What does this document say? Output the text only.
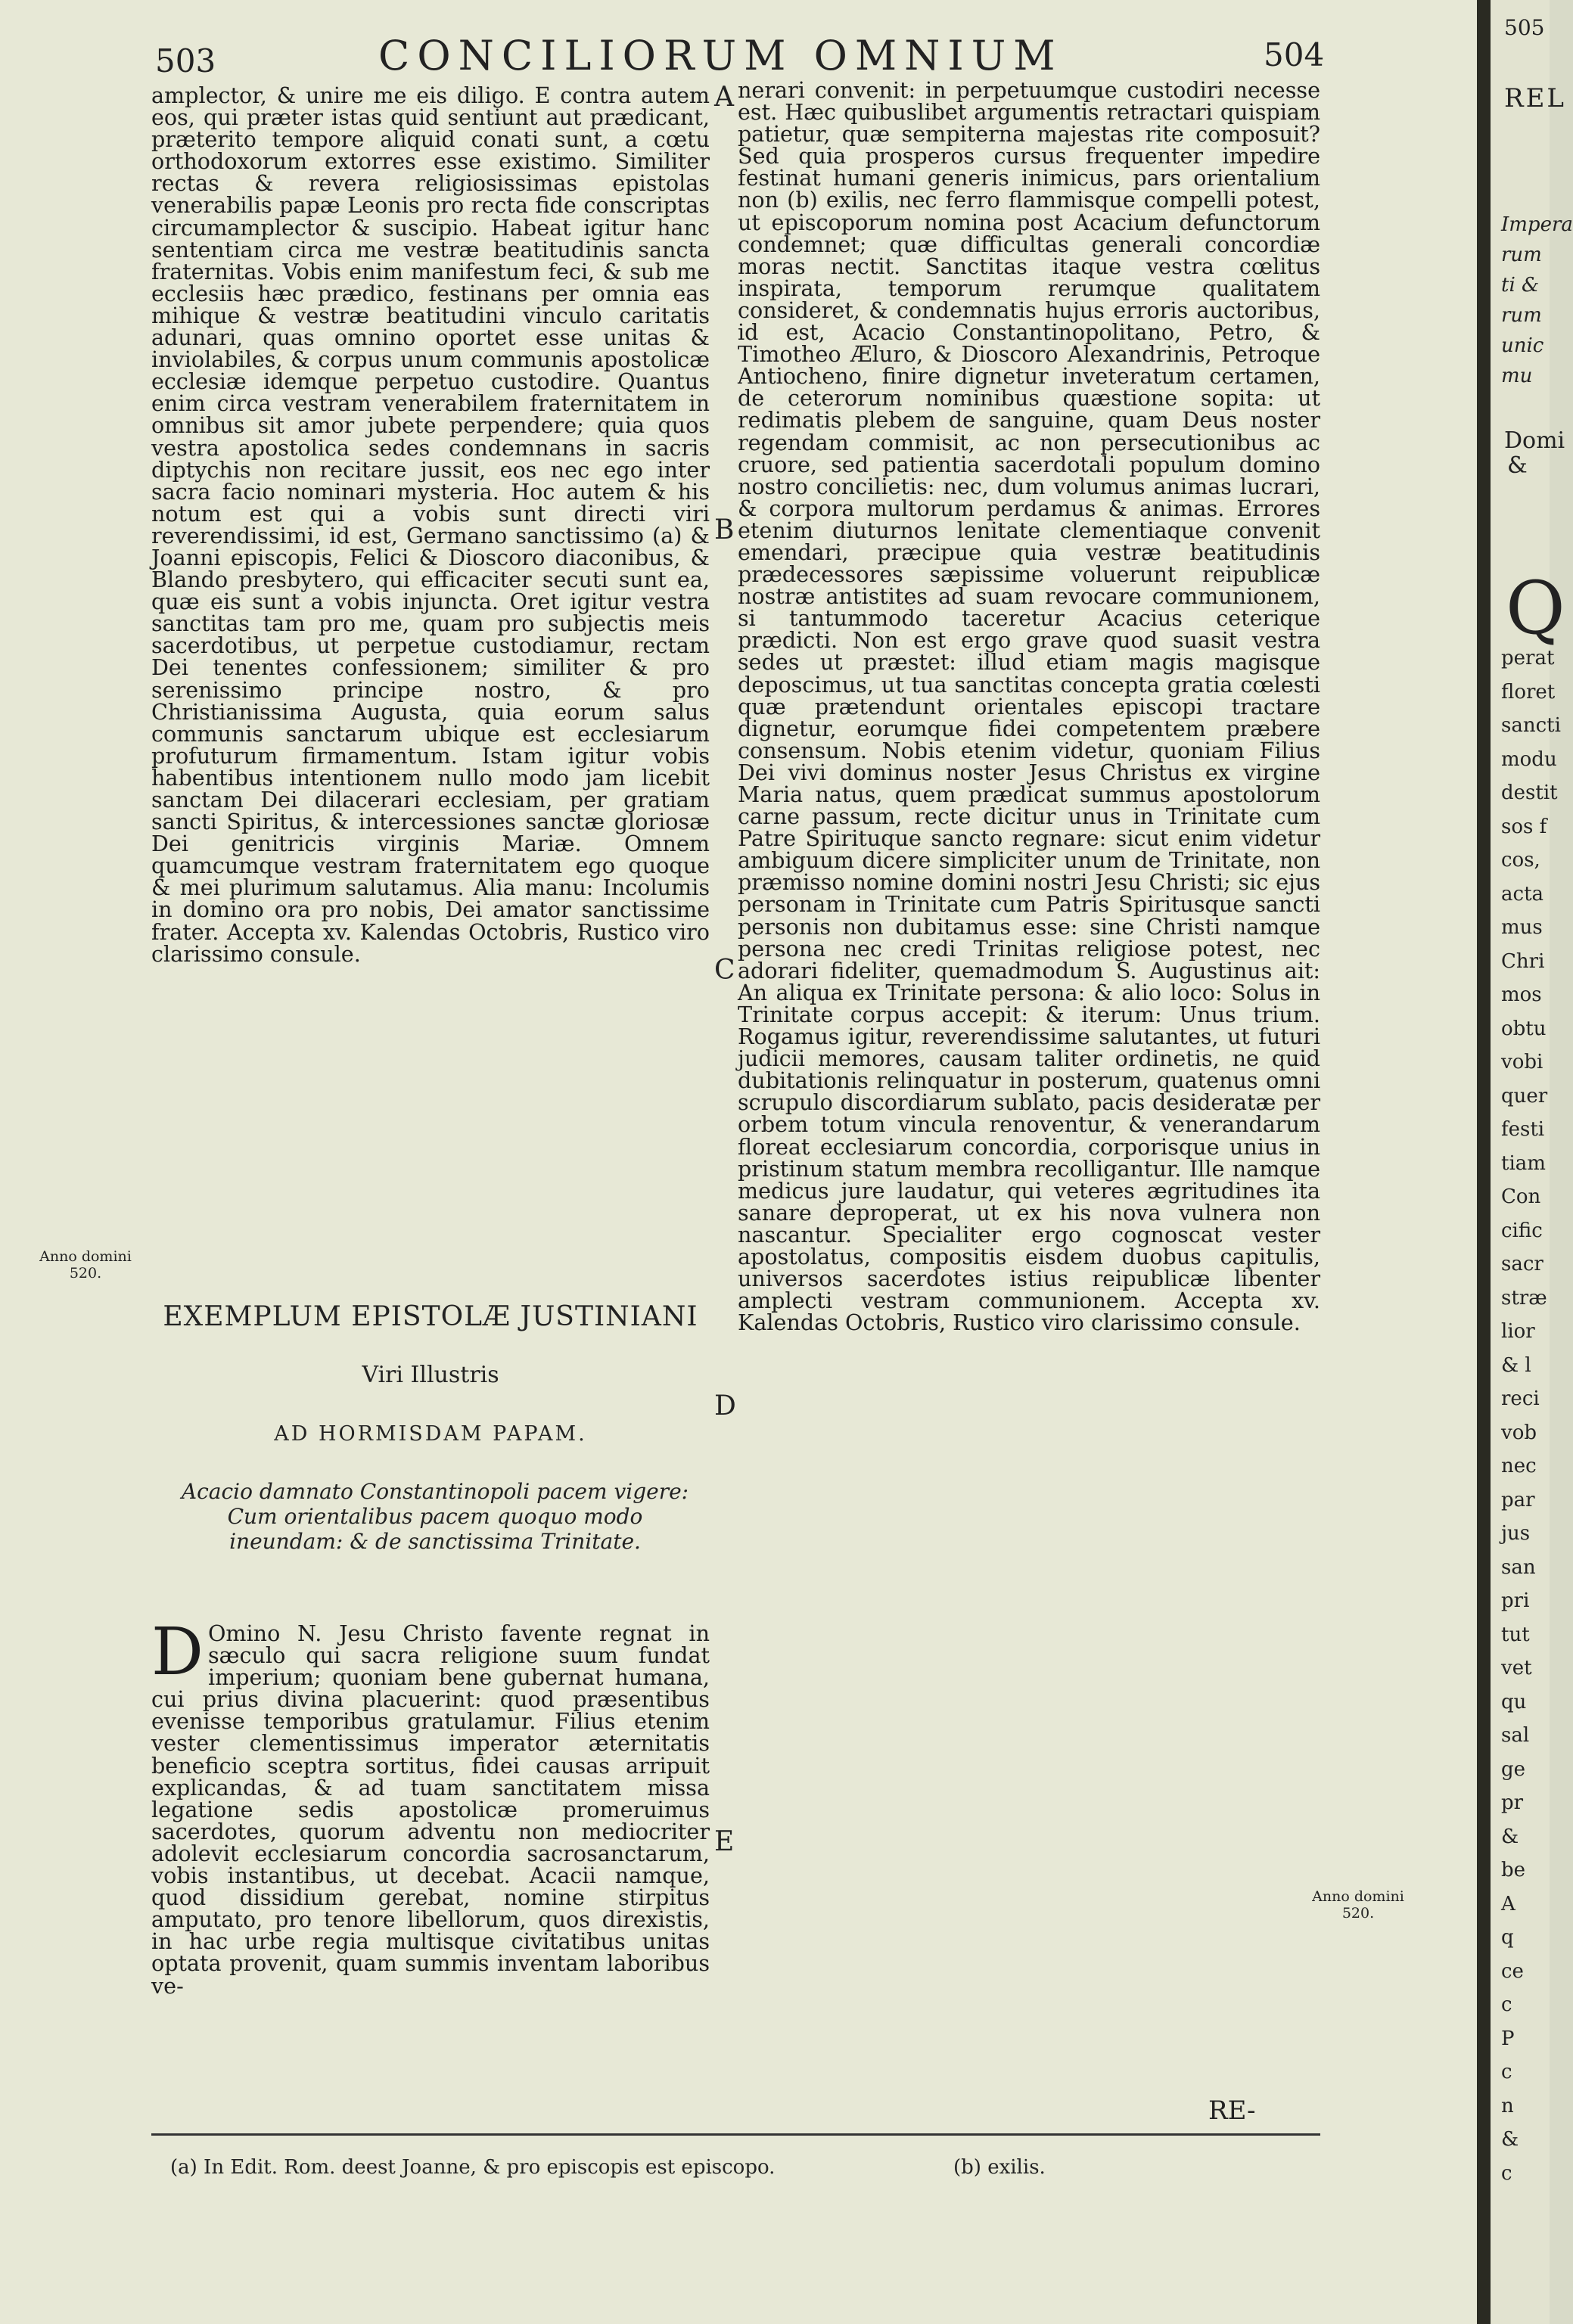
503	CONCILIORUM OMNIUM	504
amplector, & unire me eis diligo. E contra autem eos, qui præter istas quid sentiunt aut prædicant, præterito tempore aliquid conati sunt, a cœtu orthodoxorum extorres esse existimo. Similiter rectas & revera religiosissimas epistolas venerabilis papæ Leonis pro recta fide conscriptas circumamplector & suscipio. Habeat igitur hanc sententiam circa me vestræ beatitudinis sancta fraternitas. Vobis enim manifestum feci, & sub me ecclesiis hæc prædico, festinans per omnia eas mihique & vestræ beatitudini vinculo caritatis adunari, quas omnino oportet esse unitas & inviolabiles, & corpus unum communis apostolicæ ecclesiæ idemque perpetuo custodire. Quantus enim circa vestram venerabilem fraternitatem in omnibus sit amor jubete perpendere; quia quos vestra apostolica sedes condemnans in sacris diptychis non recitare jussit, eos nec ego inter sacra facio nominari mysteria. Hoc autem & his notum est qui a vobis sunt directi viri reverendissimi, id est, Germano sanctissimo (a) & Joanni episcopis, Felici & Dioscoro diaconibus, & Blando presbytero, qui efficaciter secuti sunt ea, quæ eis sunt a vobis injuncta. Oret igitur vestra sanctitas tam pro me, quam pro subjectis meis sacerdotibus, ut perpetue custodiamur, rectam Dei tenentes confessionem; similiter & pro serenissimo principe nostro, & pro Christianissima Augusta, quia eorum salus communis sanctarum ubique est ecclesiarum profuturum firmamentum. Istam igitur vobis habentibus intentionem nullo modo jam licebit sanctam Dei dilacerari ecclesiam, per gratiam sancti Spiritus, & intercessiones sanctæ gloriosæ Dei genitricis virginis Mariæ. Omnem quamcumque vestram fraternitatem ego quoque & mei plurimum salutamus. Alia manu: Incolumis in domino ora pro nobis, Dei amator sanctissime frater. Accepta xv. Kalendas Octobris, Rustico viro clarissimo consule.
Anno domini 520.
EXEMPLUM EPISTOLÆ JUSTINIANI
Viri Illustris
AD HORMISDAM PAPAM.
Acacio damnato Constantinopoli pacem vigere: Cum orientalibus pacem quoquo modo ineundam: & de sanctissima Trinitate.
D Omino N. Jesu Christo favente regnat in sæculo qui sacra religione suum fundat imperium; quoniam bene gubernat humana, cui prius divina placuerint: quod præsentibus evenisse temporibus gratulamur. Filius etenim vester clementissimus imperator æternitatis beneficio sceptra sortitus, fidei causas arripuit explicandas, & ad tuam sanctitatem missa legatione sedis apostolicæ promeruimus sacerdotes, quorum adventu non mediocriter adolevit ecclesiarum concordia sacrosanctarum, vobis instantibus, ut decebat. Acacii namque, quod dissidium gerebat, nomine stirpitus amputato, pro tenore libellorum, quos direxistis, in hac urbe regia multisque civitatibus unitas optata provenit, quam summis inventam laboribus ve-
A
B
C
D
E
nerari convenit: in perpetuumque custodiri necesse est. Hæc quibuslibet argumentis retractari quispiam patietur, quæ sempiterna majestas rite composuit? Sed quia prosperos cursus frequenter impedire festinat humani generis inimicus, pars orientalium non (b) exilis, nec ferro flammisque compelli potest, ut episcoporum nomina post Acacium defunctorum condemnet; quæ difficultas generali concordiæ moras nectit. Sanctitas itaque vestra cœlitus inspirata, temporum rerumque qualitatem consideret, & condemnatis hujus erroris auctoribus, id est, Acacio Constantinopolitano, Petro, & Timotheo Æluro, & Dioscoro Alexandrinis, Petroque Antiocheno, finire dignetur inveteratum certamen, de ceterorum nominibus quæstione sopita: ut redimatis plebem de sanguine, quam Deus noster regendam commisit, ac non persecutionibus ac cruore, sed patientia sacerdotali populum domino nostro concilietis: nec, dum volumus animas lucrari, & corpora multorum perdamus & animas. Errores etenim diuturnos lenitate clementiaque convenit emendari, præcipue quia vestræ beatitudinis prædecessores sæpissime voluerunt reipublicæ nostræ antistites ad suam revocare communionem, si tantummodo taceretur Acacius ceterique prædicti. Non est ergo grave quod suasit vestra sedes ut præstet: illud etiam magis magisque deposcimus, ut tua sanctitas concepta gratia cœlesti quæ prætendunt orientales episcopi tractare dignetur, eorumque fidei competentem præbere consensum. Nobis etenim videtur, quoniam Filius Dei vivi dominus noster Jesus Christus ex virgine Maria natus, quem prædicat summus apostolorum carne passum, recte dicitur unus in Trinitate cum Patre Spirituque sancto regnare: sicut enim videtur ambiguum dicere simpliciter unum de Trinitate, non præmisso nomine domini nostri Jesu Christi; sic ejus personam in Trinitate cum Patris Spiritusque sancti personis non dubitamus esse: sine Christi namque persona nec credi Trinitas religiose potest, nec adorari fideliter, quemadmodum S. Augustinus ait: An aliqua ex Trinitate persona: & alio loco: Solus in Trinitate corpus accepit: & iterum: Unus trium. Rogamus igitur, reverendissime salutantes, ut futuri judicii memores, causam taliter ordinetis, ne quid dubitationis relinquatur in posterum, quatenus omni scrupulo discordiarum sublato, pacis desideratæ per orbem totum vincula renoventur, & venerandarum floreat ecclesiarum concordia, corporisque unius in pristinum statum membra recolligantur. Ille namque medicus jure laudatur, qui veteres ægritudines ita sanare deproperat, ut ex his nova vulnera non nascantur. Specialiter ergo cognoscat vester apostolatus, compositis eisdem duobus capitulis, universos sacerdotes istius reipublicæ libenter amplecti vestram communionem. Accepta xv. Kalendas Octobris, Rustico viro clarissimo consule.
Anno domini 520.
RE-
(a) In Edit. Rom. deest Joanne, & pro episcopis est episcopo.	(b) exilis.
505
REL
Impera
rum
ti &
rum
unic
mu
Domi
&
Q
perat
floret
sancti
modu
destit
sos f
cos,
acta
mus
Chri
mos
obtu
vobi
quer
festi
tiam
Con
cific
sacr
stræ
lior
& l
reci
vob
nec
par
jus
san
pri
tut
vet
qu
sal
ge
pr
&
be
A
q
ce
c
P
c
n
&
c
